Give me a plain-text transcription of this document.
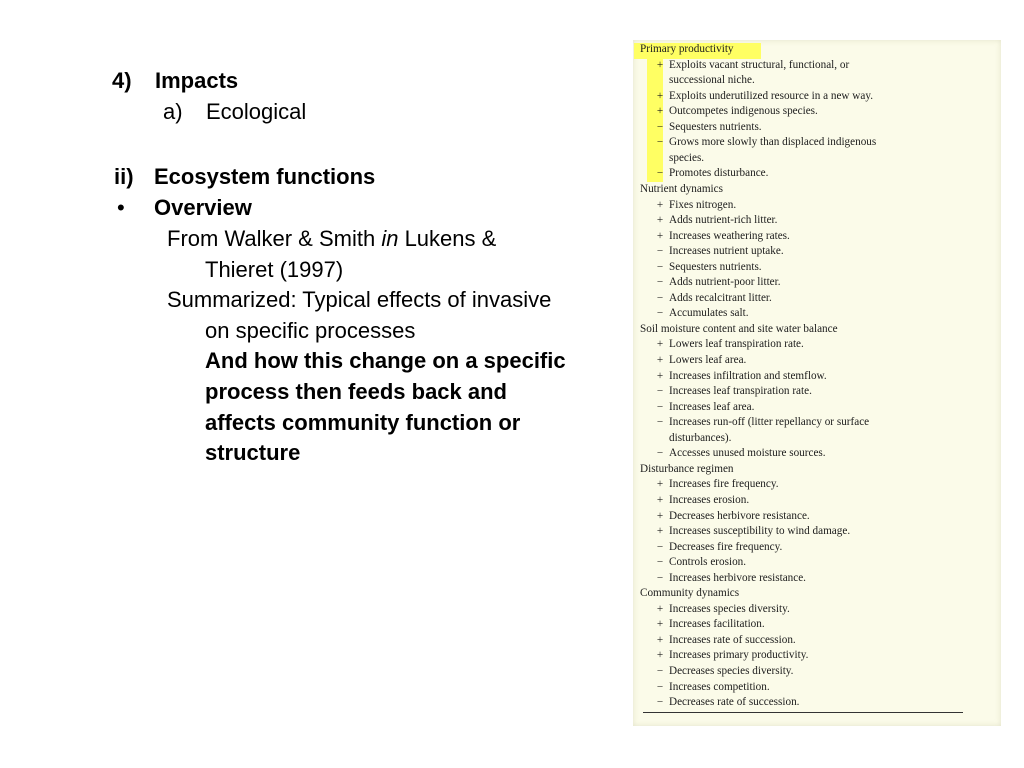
4) Impacts
a) Ecological
ii) Ecosystem functions
• Overview
From Walker & Smith in Lukens &
Thieret (1997)
Summarized: Typical effects of invasive
on specific processes
And how this change on a specific
process then feeds back and
affects community function or
structure
Primary productivity
+ Exploits vacant structural, functional, or
successional niche.
+ Exploits underutilized resource in a new way.
+ Outcompetes indigenous species.
− Sequesters nutrients.
− Grows more slowly than displaced indigenous
species.
− Promotes disturbance.
Nutrient dynamics
+ Fixes nitrogen.
+ Adds nutrient-rich litter.
+ Increases weathering rates.
− Increases nutrient uptake.
− Sequesters nutrients.
− Adds nutrient-poor litter.
− Adds recalcitrant litter.
− Accumulates salt.
Soil moisture content and site water balance
+ Lowers leaf transpiration rate.
+ Lowers leaf area.
+ Increases infiltration and stemflow.
− Increases leaf transpiration rate.
− Increases leaf area.
− Increases run-off (litter repellancy or surface
disturbances).
− Accesses unused moisture sources.
Disturbance regimen
+ Increases fire frequency.
+ Increases erosion.
+ Decreases herbivore resistance.
+ Increases susceptibility to wind damage.
− Decreases fire frequency.
− Controls erosion.
− Increases herbivore resistance.
Community dynamics
+ Increases species diversity.
+ Increases facilitation.
+ Increases rate of succession.
+ Increases primary productivity.
− Decreases species diversity.
− Increases competition.
− Decreases rate of succession.
